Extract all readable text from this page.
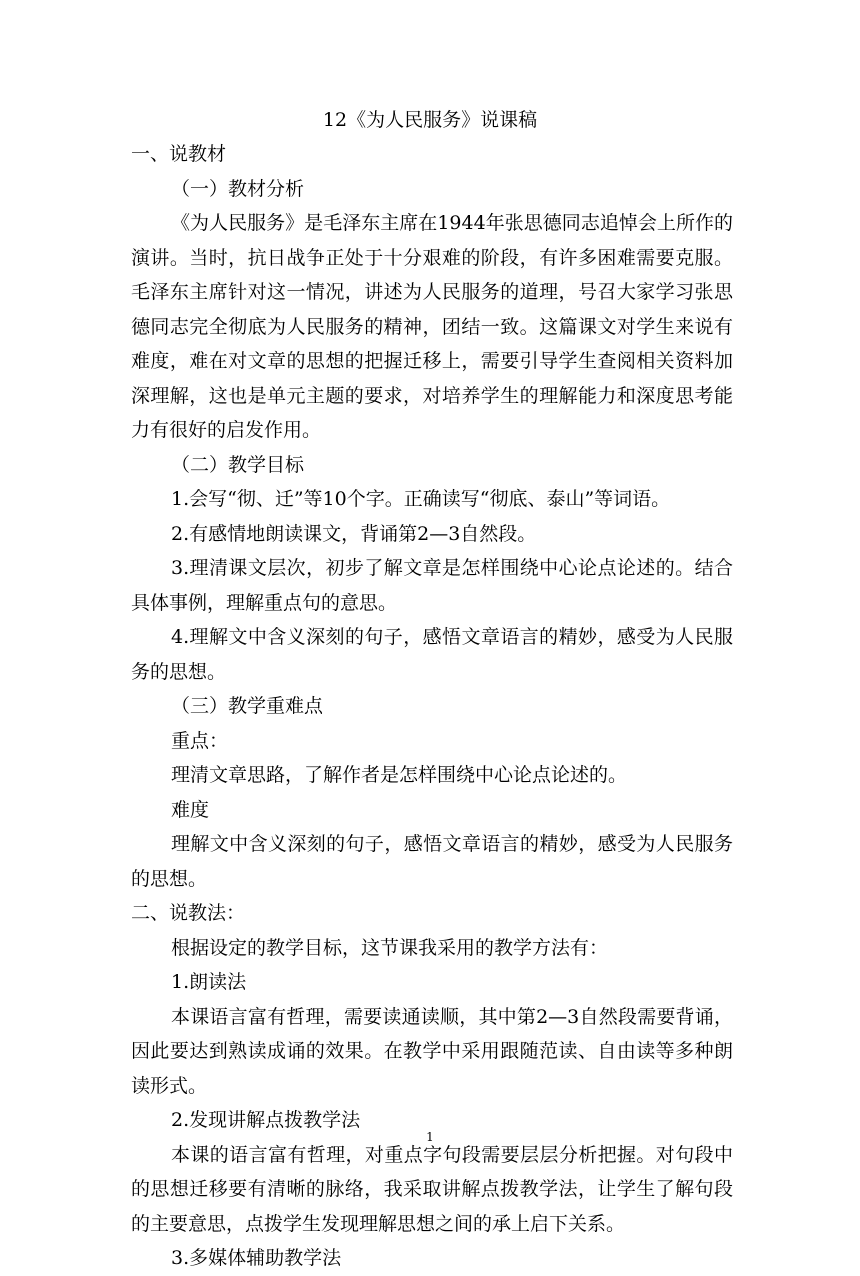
12《为人民服务》说课稿

一、说教材

（一）教材分析

《为人民服务》是毛泽东主席在1944年张思德同志追悼会上所作的演讲。当时，抗日战争正处于十分艰难的阶段，有许多困难需要克服。毛泽东主席针对这一情况，讲述为人民服务的道理，号召大家学习张思德同志完全彻底为人民服务的精神，团结一致。这篇课文对学生来说有难度，难在对文章的思想的把握迁移上，需要引导学生查阅相关资料加深理解，这也是单元主题的要求，对培养学生的理解能力和深度思考能力有很好的启发作用。

（二）教学目标

1.会写“彻、迁”等10个字。正确读写“彻底、泰山”等词语。

2.有感情地朗读课文，背诵第2—3自然段。

3.理清课文层次，初步了解文章是怎样围绕中心论点论述的。结合具体事例，理解重点句的意思。

4.理解文中含义深刻的句子，感悟文章语言的精妙，感受为人民服务的思想。

（三）教学重难点

重点：

理清文章思路，了解作者是怎样围绕中心论点论述的。

难度

理解文中含义深刻的句子，感悟文章语言的精妙，感受为人民服务的思想。

二、说教法：

根据设定的教学目标，这节课我采用的教学方法有：

1.朗读法

本课语言富有哲理，需要读通读顺，其中第2—3自然段需要背诵，因此要达到熟读成诵的效果。在教学中采用跟随范读、自由读等多种朗读形式。

2.发现讲解点拨教学法

本课的语言富有哲理，对重点字句段需要层层分析把握。对句段中的思想迁移要有清晰的脉络，我采取讲解点拨教学法，让学生了解句段的主要意思，点拨学生发现理解思想之间的承上启下关系。

3.多媒体辅助教学法

1
